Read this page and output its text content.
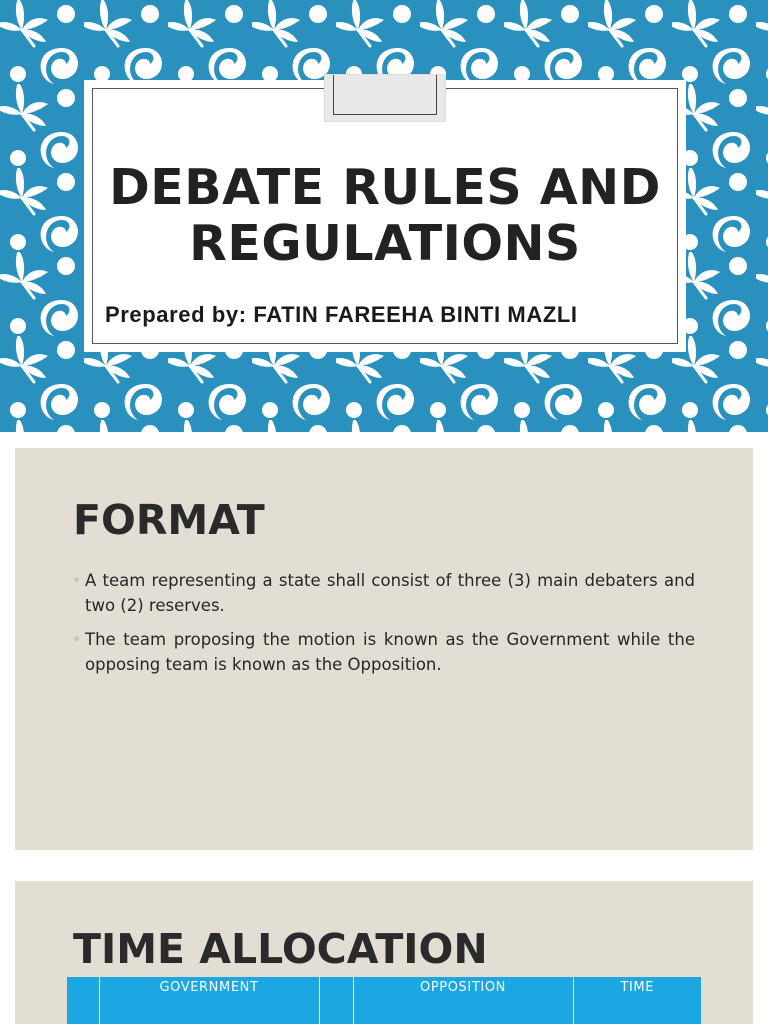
DEBATE RULES AND
REGULATIONS
Prepared by: FATIN FAREEHA BINTI MAZLI
FORMAT
◦ A team representing a state shall consist of three (3) main debaters and two (2) reserves.
◦ The team proposing the motion is known as the Government while the opposing team is known as the Opposition.
TIME ALLOCATION
	GOVERNMENT		OPPOSITION	TIME
